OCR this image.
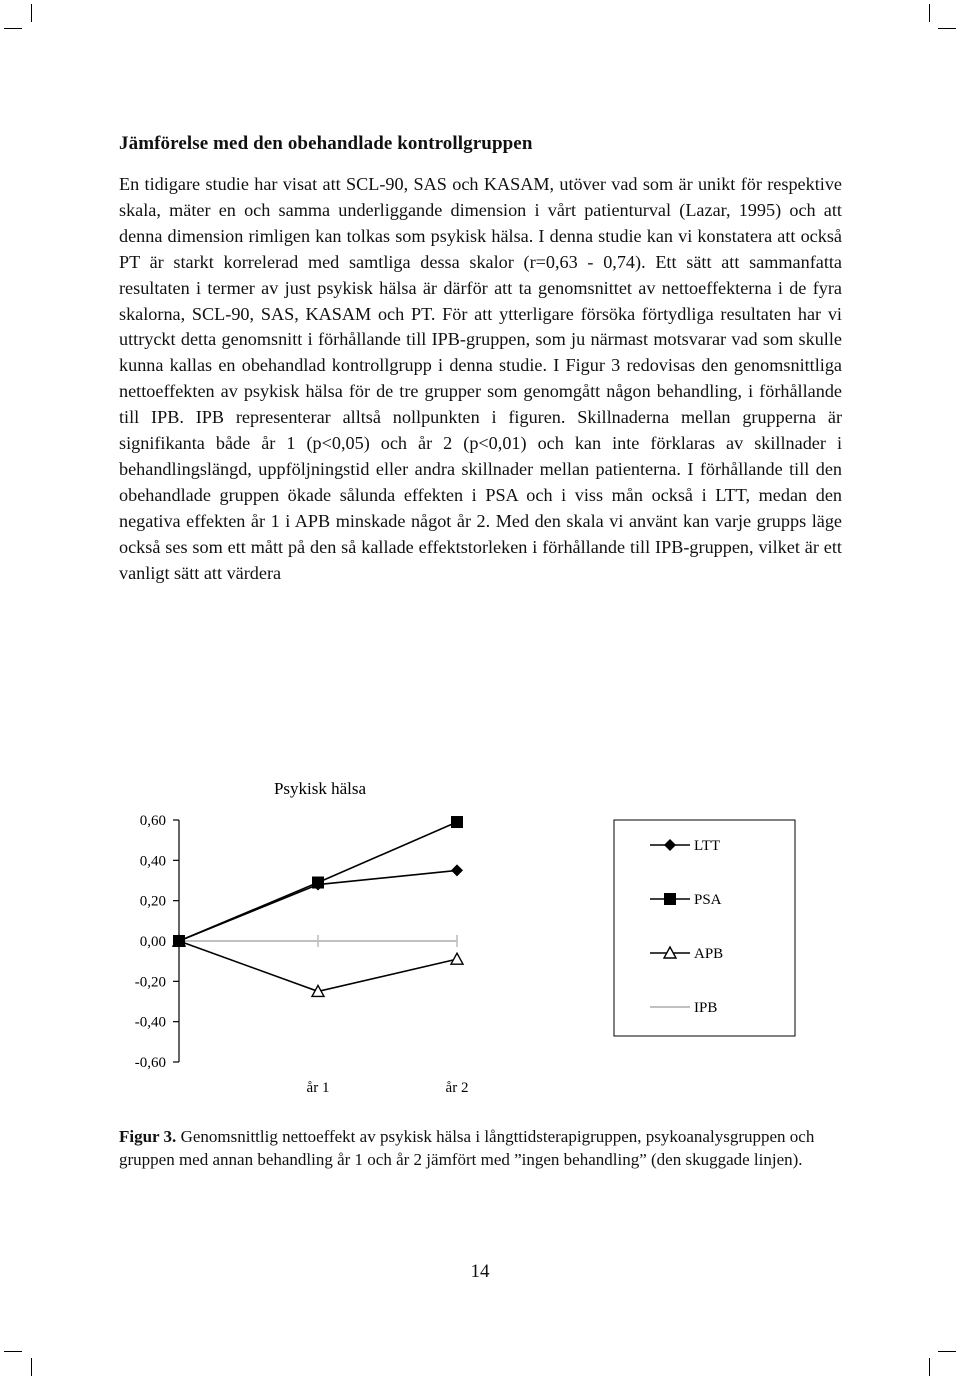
Jämförelse med den obehandlade kontrollgruppen

En tidigare studie har visat att SCL-90, SAS och KASAM, utöver vad som är unikt för respektive skala, mäter en och samma underliggande dimension i vårt patienturval (Lazar, 1995) och att denna dimension rimligen kan tolkas som psykisk hälsa. I denna studie kan vi konstatera att också PT är starkt korrelerad med samtliga dessa skalor (r=0,63 - 0,74). Ett sätt att sammanfatta resultaten i termer av just psykisk hälsa är därför att ta genomsnittet av nettoeffekterna i de fyra skalorna, SCL-90, SAS, KASAM och PT. För att ytterligare försöka förtydliga resultaten har vi uttryckt detta genomsnitt i förhållande till IPB-gruppen, som ju närmast motsvarar vad som skulle kunna kallas en obehandlad kontrollgrupp i denna studie. I Figur 3 redovisas den genomsnittliga nettoeffekten av psykisk hälsa för de tre grupper som genomgått någon behandling, i förhållande till IPB. IPB representerar alltså nollpunkten i figuren. Skillnaderna mellan grupperna är signifikanta både år 1 (p<0,05) och år 2 (p<0,01) och kan inte förklaras av skillnader i behandlingslängd, uppföljningstid eller andra skillnader mellan patienterna. I förhållande till den obehandlade gruppen ökade sålunda effekten i PSA och i viss mån också i LTT, medan den negativa effekten år 1 i APB minskade något år 2. Med den skala vi använt kan varje grupps läge också ses som ett mått på den så kallade effektstorleken i förhållande till IPB-gruppen, vilket är ett vanligt sätt att värdera

Psykisk hälsa
0,60
0,40
0,20
0,00
-0,20
-0,40
-0,60
år 1	år 2
LTT
PSA
APB
IPB

Figur 3. Genomsnittlig nettoeffekt av psykisk hälsa i långttidsterapigruppen, psykoanalysgruppen och gruppen med annan behandling år 1 och år 2 jämfört med ”ingen behandling” (den skuggade linjen).

14
